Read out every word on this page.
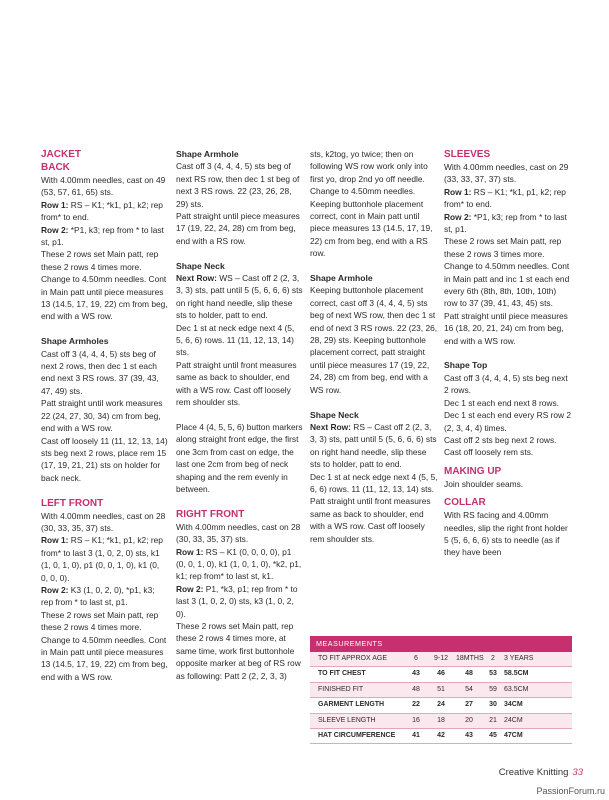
JACKET
BACK

With 4.00mm needles, cast on 49 (53, 57, 61, 65) sts.

Row 1: RS – K1; *k1, p1, k2; rep from* to end.

Row 2: *P1, k3; rep from * to last st, p1.

These 2 rows set Main patt, rep these 2 rows 4 times more.

Change to 4.50mm needles. Cont in Main patt until piece measures 13 (14.5, 17, 19, 22) cm from beg, end with a WS row.

Shape Armholes

Cast off 3 (4, 4, 4, 5) sts beg of next 2 rows, then dec 1 st each end next 3 RS rows. 37 (39, 43, 47, 49) sts.

Patt straight until work measures 22 (24, 27, 30, 34) cm from beg, end with a WS row.

Cast off loosely 11 (11, 12, 13, 14) sts beg next 2 rows, place rem 15 (17, 19, 21, 21) sts on holder for back neck.

LEFT FRONT

With 4.00mm needles, cast on 28 (30, 33, 35, 37) sts.

Row 1: RS – K1; *k1, p1, k2; rep from* to last 3 (1, 0, 2, 0) sts, k1 (1, 0, 1, 0), p1 (0, 0, 1, 0), k1 (0, 0, 0, 0).

Row 2: K3 (1, 0, 2, 0), *p1, k3; rep from * to last st, p1.

These 2 rows set Main patt, rep these 2 rows 4 times more.

Change to 4.50mm needles. Cont in Main patt until piece measures 13 (14.5, 17, 19, 22) cm from beg, end with a WS row.

Shape Armhole

Cast off 3 (4, 4, 4, 5) sts beg of next RS row, then dec 1 st beg of next 3 RS rows. 22 (23, 26, 28, 29) sts.

Patt straight until piece measures 17 (19, 22, 24, 28) cm from beg, end with a RS row.

Shape Neck

Next Row: WS – Cast off 2 (2, 3, 3, 3) sts, patt until 5 (5, 6, 6, 6) sts on right hand needle, slip these sts to holder, patt to end.

Dec 1 st at neck edge next 4 (5, 5, 6, 6) rows. 11 (11, 12, 13, 14) sts.

Patt straight until front measures same as back to shoulder, end with a WS row. Cast off loosely rem shoulder sts.

Place 4 (4, 5, 5, 6) button markers along straight front edge, the first one 3cm from cast on edge, the last one 2cm from beg of neck shaping and the rem evenly in between.

RIGHT FRONT

With 4.00mm needles, cast on 28 (30, 33, 35, 37) sts.

Row 1: RS – K1 (0, 0, 0, 0), p1 (0, 0, 1, 0), k1 (1, 0, 1, 0), *k2, p1, k1; rep from* to last st, k1.

Row 2: P1, *k3, p1; rep from * to last 3 (1, 0, 2, 0) sts, k3 (1, 0, 2, 0).

These 2 rows set Main patt, rep these 2 rows 4 times more, at same time, work first buttonhole opposite marker at beg of RS row as following: Patt 2 (2, 2, 3, 3)

sts, k2tog, yo twice; then on following WS row work only into first yo, drop 2nd yo off needle.

Change to 4.50mm needles. Keeping buttonhole placement correct, cont in Main patt until piece measures 13 (14.5, 17, 19, 22) cm from beg, end with a RS row.

Shape Armhole

Keeping buttonhole placement correct, cast off 3 (4, 4, 4, 5) sts beg of next WS row, then dec 1 st end of next 3 RS rows. 22 (23, 26, 28, 29) sts. Keeping buttonhole placement correct, patt straight until piece measures 17 (19, 22, 24, 28) cm from beg, end with a WS row.

Shape Neck

Next Row: RS – Cast off 2 (2, 3, 3, 3) sts, patt until 5 (5, 6, 6, 6) sts on right hand needle, slip these sts to holder, patt to end.

Dec 1 st at neck edge next 4 (5, 5, 6, 6) rows. 11 (11, 12, 13, 14) sts.

Patt straight until front measures same as back to shoulder, end with a WS row. Cast off loosely rem shoulder sts.

SLEEVES

With 4.00mm needles, cast on 29 (33, 33, 37, 37) sts.

Row 1: RS – K1; *k1, p1, k2; rep from* to end.

Row 2: *P1, k3; rep from * to last st, p1.

These 2 rows set Main patt, rep these 2 rows 3 times more.

Change to 4.50mm needles. Cont in Main patt and inc 1 st each end every 6th (8th, 8th, 10th, 10th) row to 37 (39, 41, 43, 45) sts.

Patt straight until piece measures 16 (18, 20, 21, 24) cm from beg, end with a WS row.

Shape Top

Cast off 3 (4, 4, 4, 5) sts beg next 2 rows.

Dec 1 st each end next 8 rows. Dec 1 st each end every RS row 2 (2, 3, 4, 4) times.

Cast off 2 sts beg next 2 rows. Cast off loosely rem sts.

MAKING UP

Join shoulder seams.

COLLAR

With RS facing and 4.00mm needles, slip the right front holder 5 (5, 6, 6, 6) sts to needle (as if they have been

MEASUREMENTS
TO FIT APPROX AGE	6	9-12	18MTHS	2	3 YEARS
TO FIT CHEST	43	46	48	53	58.5CM
FINISHED FIT	48	51	54	59	63.5CM
GARMENT LENGTH	22	24	27	30	34CM
SLEEVE LENGTH	16	18	20	21	24CM
HAT CIRCUMFERENCE	41	42	43	45	47CM
Creative Knitting 33
PassionForum.ru
